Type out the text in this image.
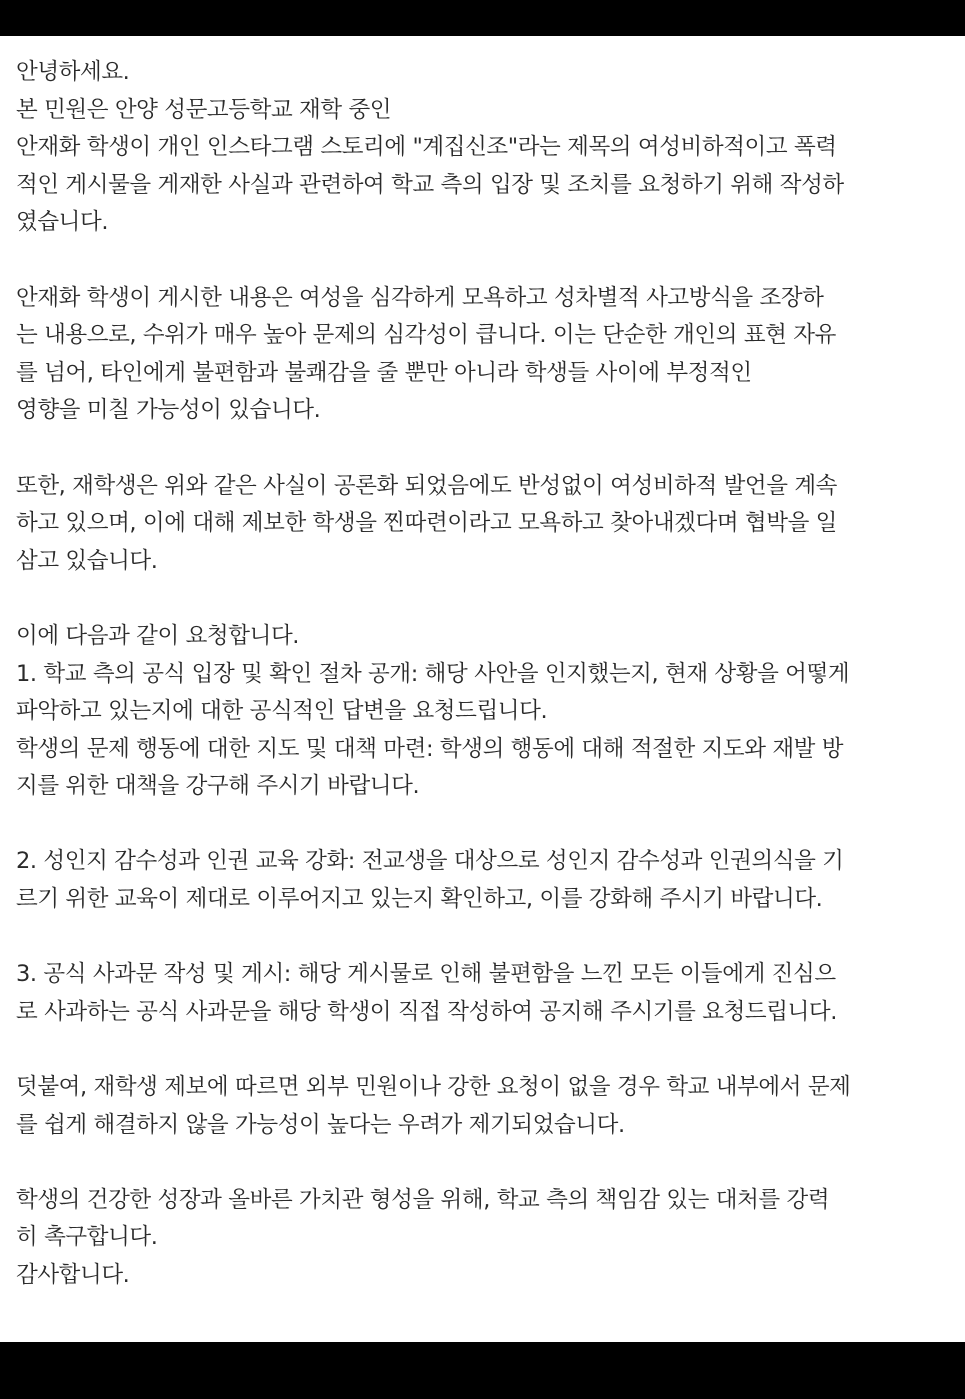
안녕하세요.
본 민원은 안양 성문고등학교 재학 중인
안재화 학생이 개인 인스타그램 스토리에 "계집신조"라는 제목의 여성비하적이고 폭력
적인 게시물을 게재한 사실과 관련하여 학교 측의 입장 및 조치를 요청하기 위해 작성하
였습니다.

안재화 학생이 게시한 내용은 여성을 심각하게 모욕하고 성차별적 사고방식을 조장하
는 내용으로, 수위가 매우 높아 문제의 심각성이 큽니다. 이는 단순한 개인의 표현 자유
를 넘어, 타인에게 불편함과 불쾌감을 줄 뿐만 아니라 학생들 사이에 부정적인
영향을 미칠 가능성이 있습니다.

또한, 재학생은 위와 같은 사실이 공론화 되었음에도 반성없이 여성비하적 발언을 계속
하고 있으며, 이에 대해 제보한 학생을 찐따련이라고 모욕하고 찾아내겠다며 협박을 일
삼고 있습니다.

이에 다음과 같이 요청합니다.
1. 학교 측의 공식 입장 및 확인 절차 공개: 해당 사안을 인지했는지, 현재 상황을 어떻게
파악하고 있는지에 대한 공식적인 답변을 요청드립니다.
학생의 문제 행동에 대한 지도 및 대책 마련: 학생의 행동에 대해 적절한 지도와 재발 방
지를 위한 대책을 강구해 주시기 바랍니다.

2. 성인지 감수성과 인권 교육 강화: 전교생을 대상으로 성인지 감수성과 인권의식을 기
르기 위한 교육이 제대로 이루어지고 있는지 확인하고, 이를 강화해 주시기 바랍니다.

3. 공식 사과문 작성 및 게시: 해당 게시물로 인해 불편함을 느낀 모든 이들에게 진심으
로 사과하는 공식 사과문을 해당 학생이 직접 작성하여 공지해 주시기를 요청드립니다.

덧붙여, 재학생 제보에 따르면 외부 민원이나 강한 요청이 없을 경우 학교 내부에서 문제
를 쉽게 해결하지 않을 가능성이 높다는 우려가 제기되었습니다.

학생의 건강한 성장과 올바른 가치관 형성을 위해, 학교 측의 책임감 있는 대처를 강력
히 촉구합니다.
감사합니다.
